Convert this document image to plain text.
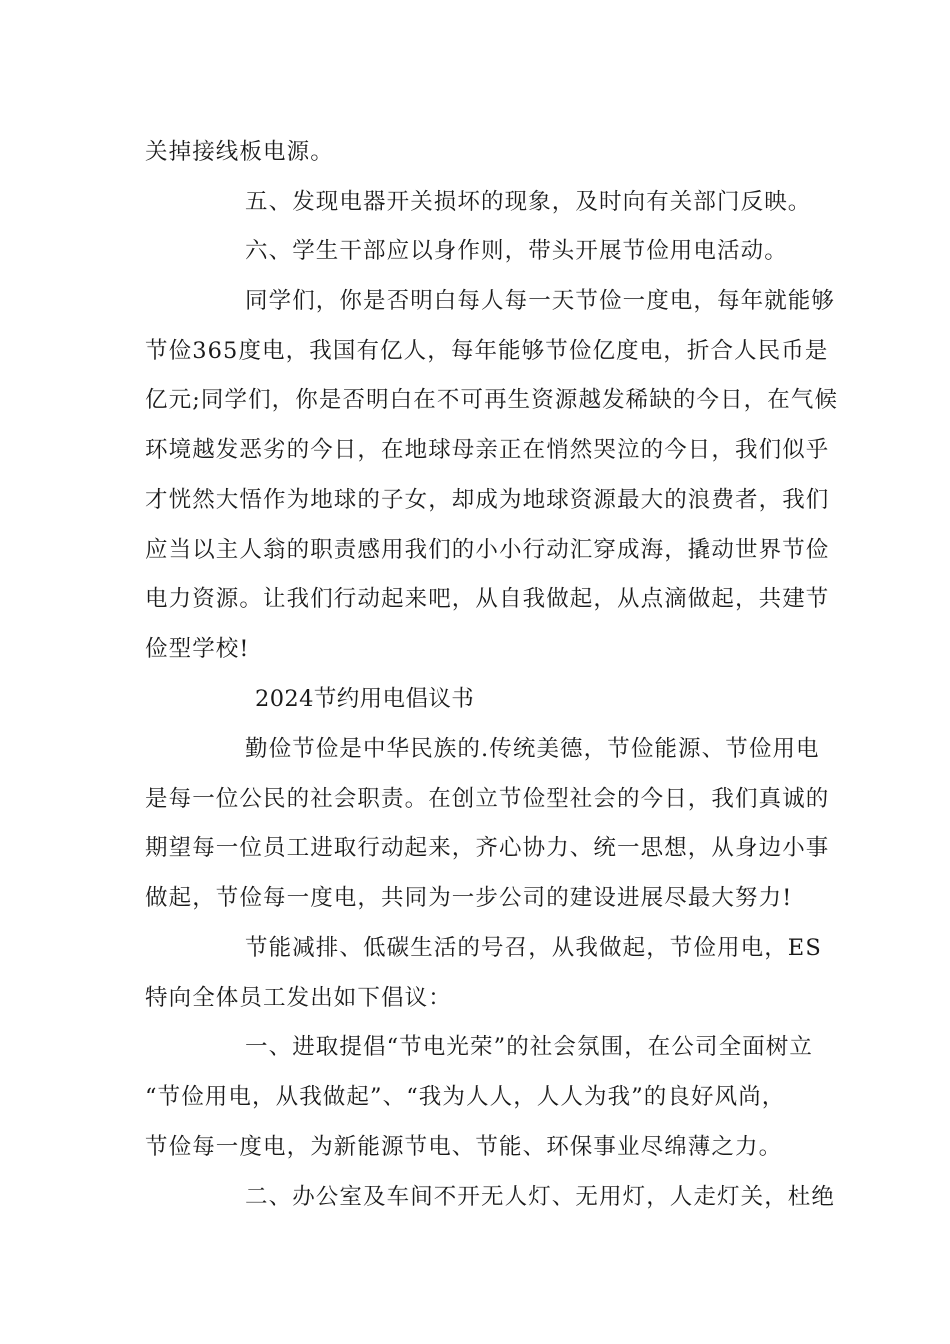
关掉接线板电源。
五、发现电器开关损坏的现象，及时向有关部门反映。
六、学生干部应以身作则，带头开展节俭用电活动。
同学们，你是否明白每人每一天节俭一度电，每年就能够
节俭365度电，我国有亿人，每年能够节俭亿度电，折合人民币是
亿元;同学们，你是否明白在不可再生资源越发稀缺的今日，在气候
环境越发恶劣的今日，在地球母亲正在悄然哭泣的今日，我们似乎
才恍然大悟作为地球的子女，却成为地球资源最大的浪费者，我们
应当以主人翁的职责感用我们的小小行动汇穿成海，撬动世界节俭
电力资源。让我们行动起来吧，从自我做起，从点滴做起，共建节
俭型学校!
2024节约用电倡议书
勤俭节俭是中华民族的.传统美德，节俭能源、节俭用电
是每一位公民的社会职责。在创立节俭型社会的今日，我们真诚的
期望每一位员工进取行动起来，齐心协力、统一思想，从身边小事
做起，节俭每一度电，共同为一步公司的建设进展尽最大努力!
节能减排、低碳生活的号召，从我做起，节俭用电，ES
特向全体员工发出如下倡议：
一、进取提倡“节电光荣”的社会氛围，在公司全面树立
“节俭用电，从我做起”、“我为人人，人人为我”的良好风尚，
节俭每一度电，为新能源节电、节能、环保事业尽绵薄之力。
二、办公室及车间不开无人灯、无用灯，人走灯关，杜绝
